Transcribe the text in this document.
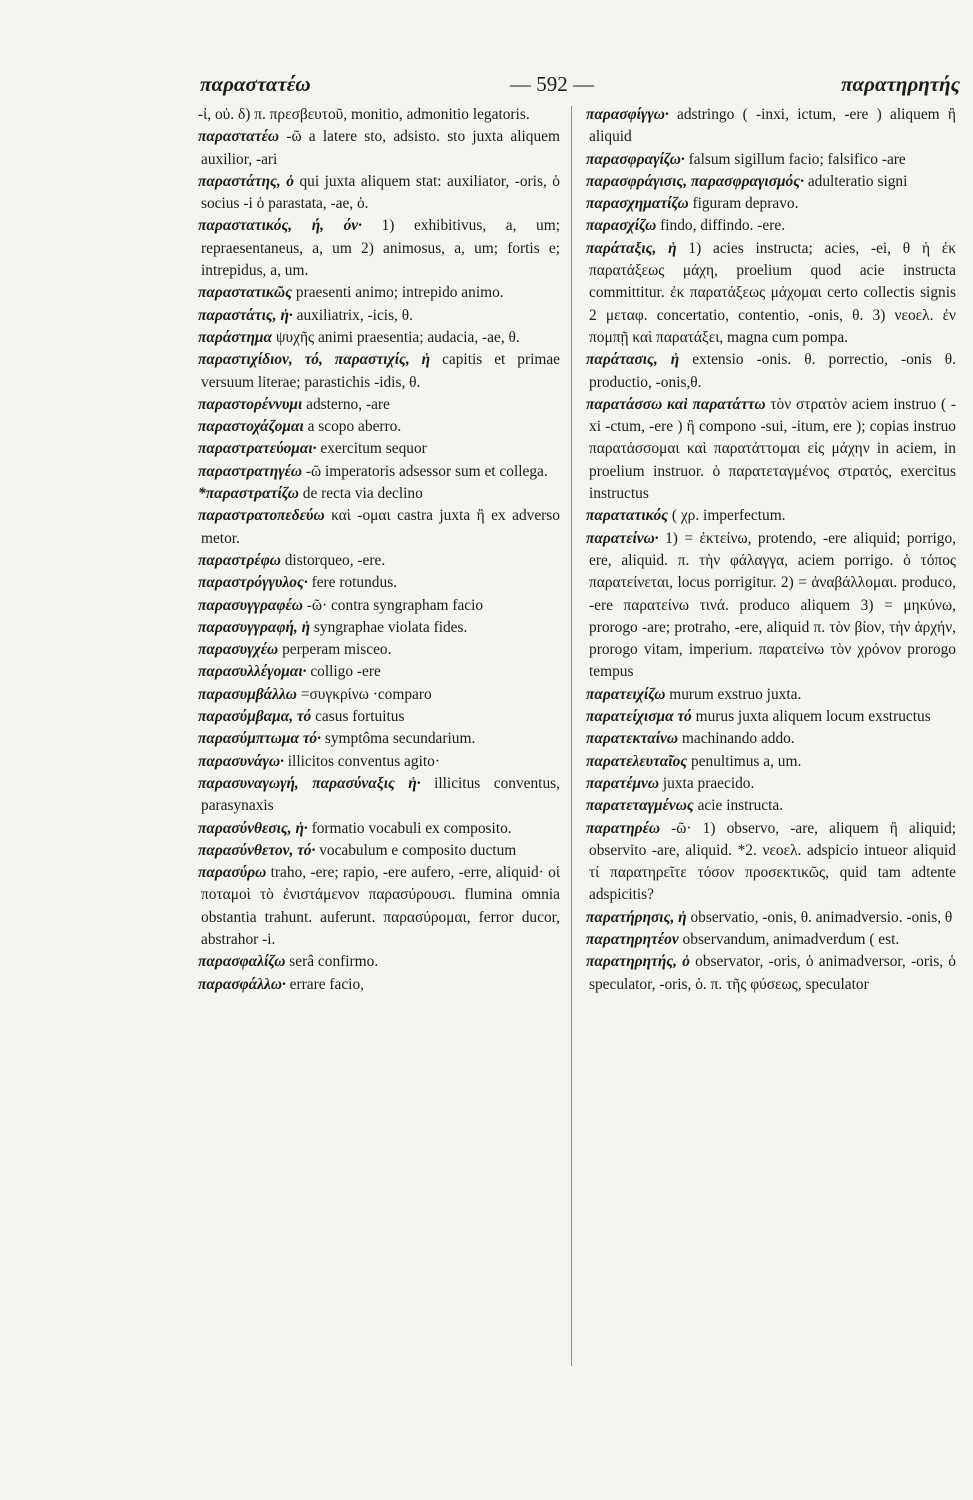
παραστατέω	— 592 —	παρατηρητής

-ἰ, οὐ. δ) π. πρεσβευτοῦ, monitio, admonitio legatoris.

παραστατέω -ῶ a latere sto, adsisto. sto juxta aliquem auxilior, -ari

παραστάτης, ὁ qui juxta aliquem stat: auxiliator, -oris, ὁ socius -i ὁ parastata, -ae, ὁ.

παραστατικός, ή, όν· 1) exhibitivus, a, um; repraesentaneus, a, um 2) animosus, a, um; fortis e; intrepidus, a, um.

παραστατικῶς praesenti animo; intrepido animo.

παραστάτις, ἡ· auxiliatrix, -icis, θ.

παράστημα ψυχῆς animi praesentia; audacia, -ae, θ.

παραστιχίδιον, τό, παραστιχίς, ἡ capitis et primae versuum literae; parastichis -idis, θ.

παραστορέννυμι adsterno, -are

παραστοχάζομαι a scopo aberro.

παραστρατεύομαι· exercitum sequor

παραστρατηγέω -ῶ imperatoris adsessor sum et collega.

*παραστρατίζω de recta via declino

παραστρατοπεδεύω καὶ -ομαι castra juxta ἢ ex adverso metor.

παραστρέφω distorqueo, -ere.

παραστρόγγυλος· fere rotundus.

παρασυγγραφέω -ῶ· contra syngrapham facio

παρασυγγραφή, ἡ syngraphae violata fides.

παρασυγχέω perperam misceo.

παρασυλλέγομαι· colligo -ere

παρασυμβάλλω =συγκρίνω ·comparo

παρασύμβαμα, τό casus fortuitus

παρασύμπτωμα τό· symptôma secundarium.

παρασυνάγω· illicitos conventus agito·

παρασυναγωγή, παρασύναξις ἡ· illicitus conventus, parasynaxis

παρασύνθεσις, ἡ· formatio vocabuli ex composito.

παρασύνθετον, τό· vocabulum e composito ductum

παρασύρω traho, -ere; rapio, -ere aufero, -erre, aliquid· οἱ ποταμοὶ τὸ ἐνιστάμενον παρασύρουσι. flumina omnia obstantia trahunt. auferunt. παρασύρομαι, ferror ducor, abstrahor -i.

παρασφαλίζω serâ confirmo.

παρασφάλλω· errare facio,

παρασφίγγω· adstringo ( -inxi, ictum, -ere ) aliquem ἢ aliquid

παρασφραγίζω· falsum sigillum facio; falsifico -are

παρασφράγισις, παρασφραγισμός· adulteratio signi

παρασχηματίζω figuram depravo.

παρασχίζω findo, diffindo. -ere.

παράταξις, ἡ 1) acies instructa; acies, -ei, θ ἡ ἐκ παρατάξεως μάχη, proelium quod acie instructa committitur. ἐκ παρατάξεως μάχομαι certo collectis signis 2 μεταφ. concertatio, contentio, -onis, θ. 3) νεοελ. ἐν πομπῇ καὶ παρατάξει, magna cum pompa.

παράτασις, ἡ extensio -onis. θ. porrectio, -onis θ. productio, -onis,θ.

παρατάσσω καὶ παρατάττω τὸν στρατὸν aciem instruo ( -xi -ctum, -ere ) ἢ compono -sui, -itum, ere ); copias instruo παρατάσσομαι καὶ παρατάττομαι εἰς μάχην in aciem, in proelium instruor. ὁ παρατεταγμένος στρατός, exercitus instructus

παρατατικός ( χρ. imperfectum.

παρατείνω· 1) = ἐκτείνω, protendo, -ere aliquid; porrigo, ere, aliquid. π. τὴν φάλαγγα, aciem porrigo. ὁ τόπος παρατείνεται, locus porrigitur. 2) = ἀναβάλλομαι. produco, -ere παρατείνω τινά. produco aliquem 3) = μηκύνω, prorogo -are; protraho, -ere, aliquid π. τὸν βίον, τὴν ἀρχήν, prorogo vitam, imperium. παρατείνω τὸν χρόνον prorogo tempus

παρατειχίζω murum exstruo juxta.

παρατείχισμα τό murus juxta aliquem locum exstructus

παρατεκταίνω machinando addo.

παρατελευταῖος penultimus a, um.

παρατέμνω juxta praecido.

παρατεταγμένως acie instructa.

παρατηρέω -ῶ· 1) observo, -are, aliquem ἢ aliquid; observito -are, aliquid. *2. νεοελ. adspicio intueor aliquid τί παρατηρεῖτε τόσον προσεκτικῶς, quid tam adtente adspicitis?

παρατήρησις, ἡ observatio, -onis, θ. animadversio. -onis, θ

παρατηρητέον observandum, animadverdum ( est.

παρατηρητής, ὁ observator, -oris, ὁ animadversor, -oris, ὁ speculator, -oris, ὁ. π. τῆς φύσεως, speculator
